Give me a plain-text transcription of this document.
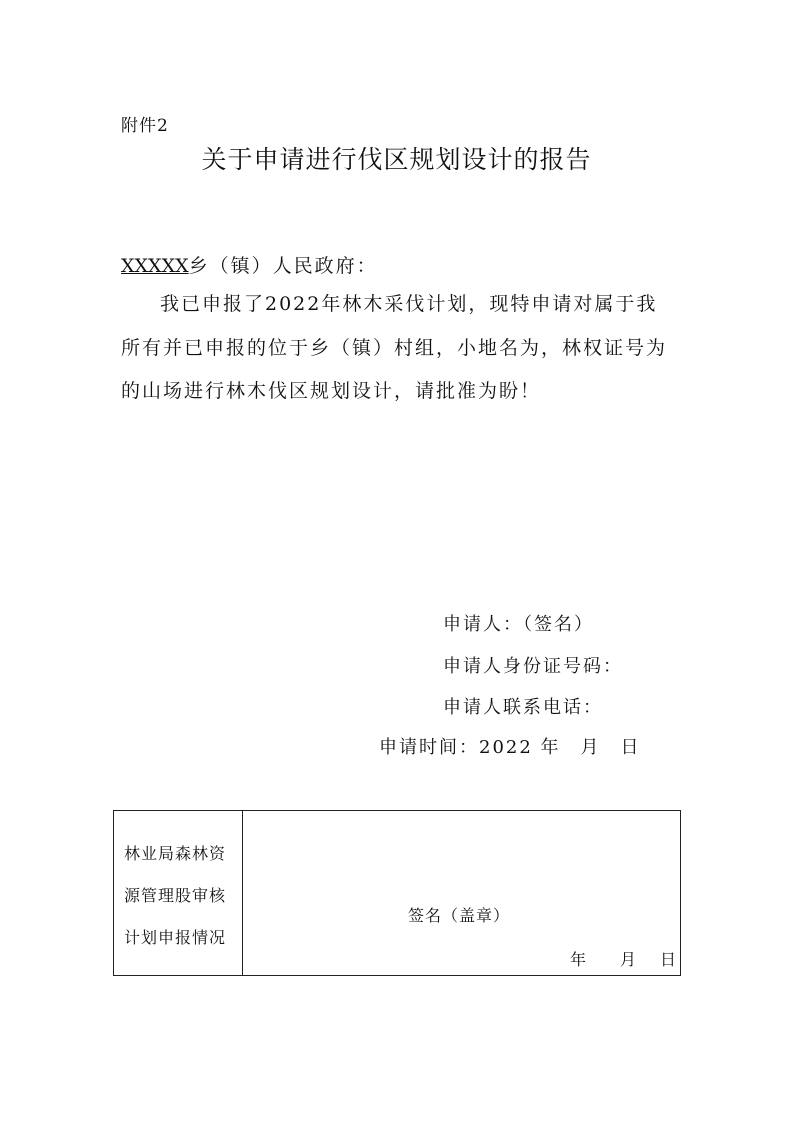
附件2
关于申请进行伐区规划设计的报告
XXXXX乡（镇）人民政府：
我已申报了2022年林木采伐计划，现特申请对属于我
所有并已申报的位于乡（镇）村组，小地名为，林权证号为
的山场进行林木伐区规划设计，请批准为盼！
申请人：（签名）
申请人身份证号码：
申请人联系电话：
申请时间：2022 年 月 日
林业局森林资
源管理股审核
计划申报情况
签名（盖章）
年 月 日
